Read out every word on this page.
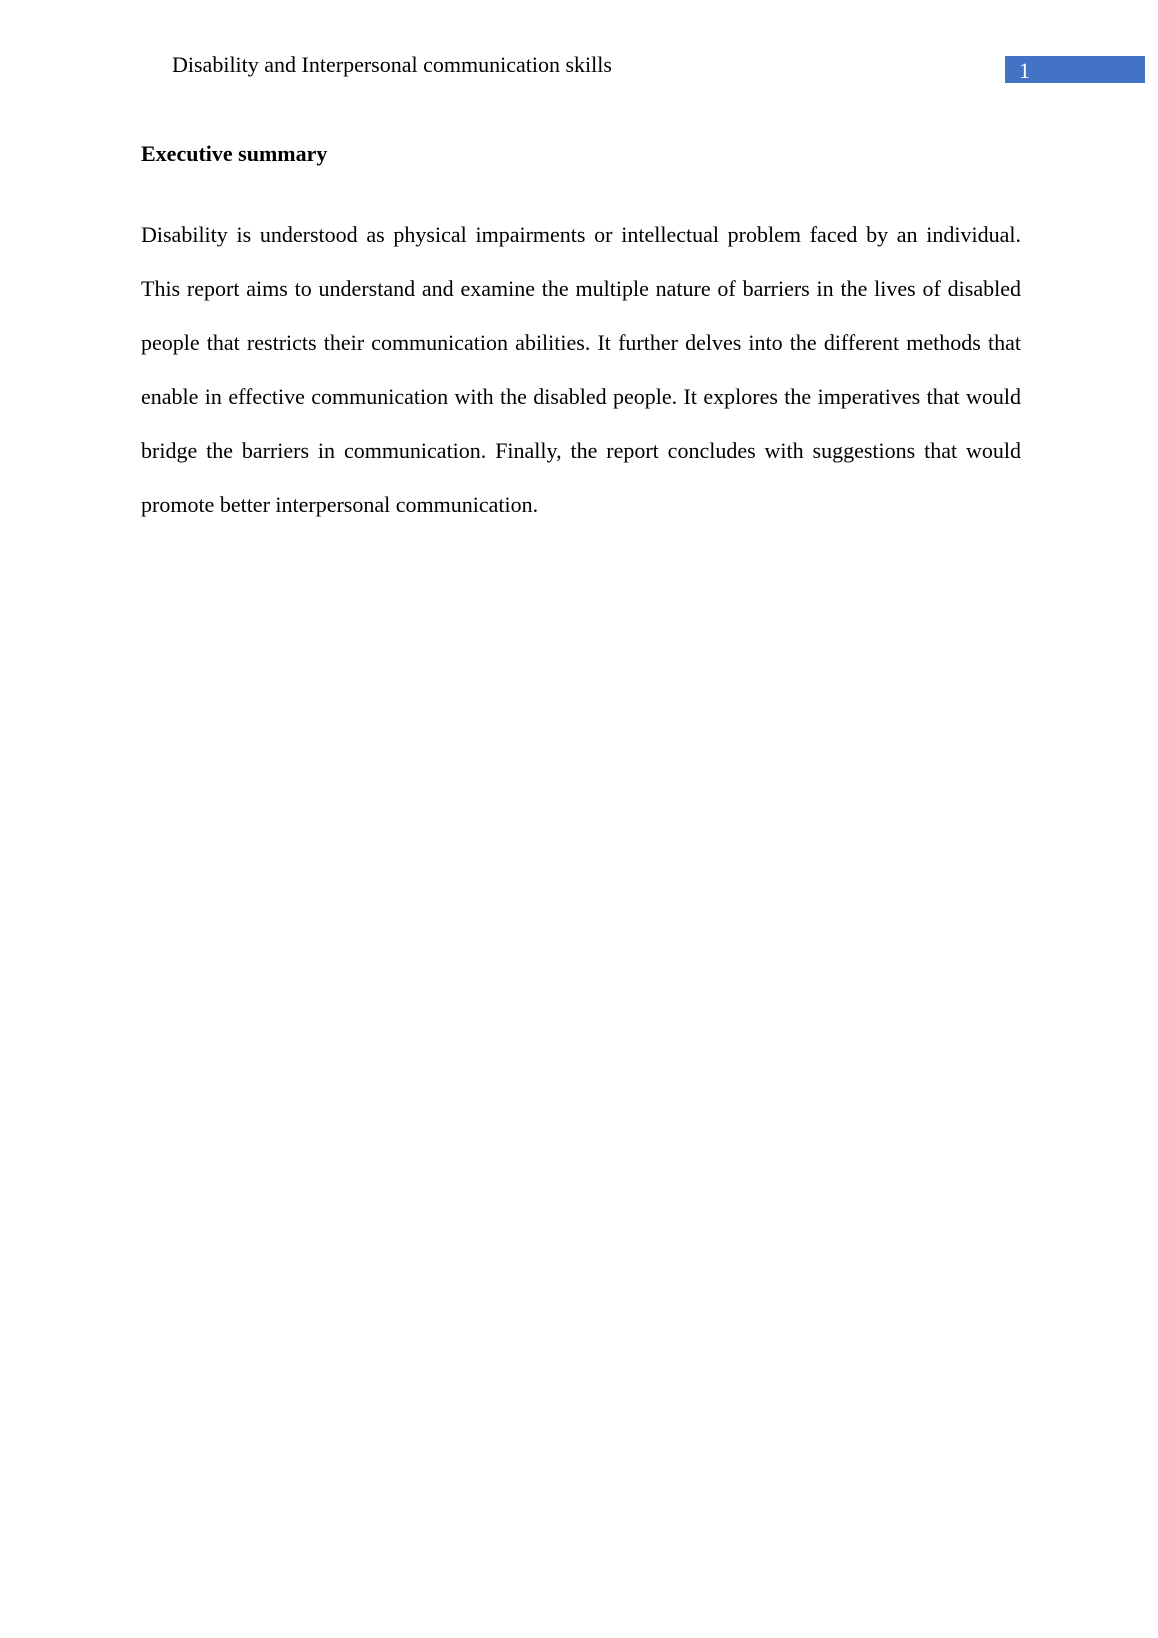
Disability and Interpersonal communication skills	1
Executive summary

Disability is understood as physical impairments or intellectual problem faced by an individual. This report aims to understand and examine the multiple nature of barriers in the lives of disabled people that restricts their communication abilities. It further delves into the different methods that enable in effective communication with the disabled people. It explores the imperatives that would bridge the barriers in communication. Finally, the report concludes with suggestions that would promote better interpersonal communication.
